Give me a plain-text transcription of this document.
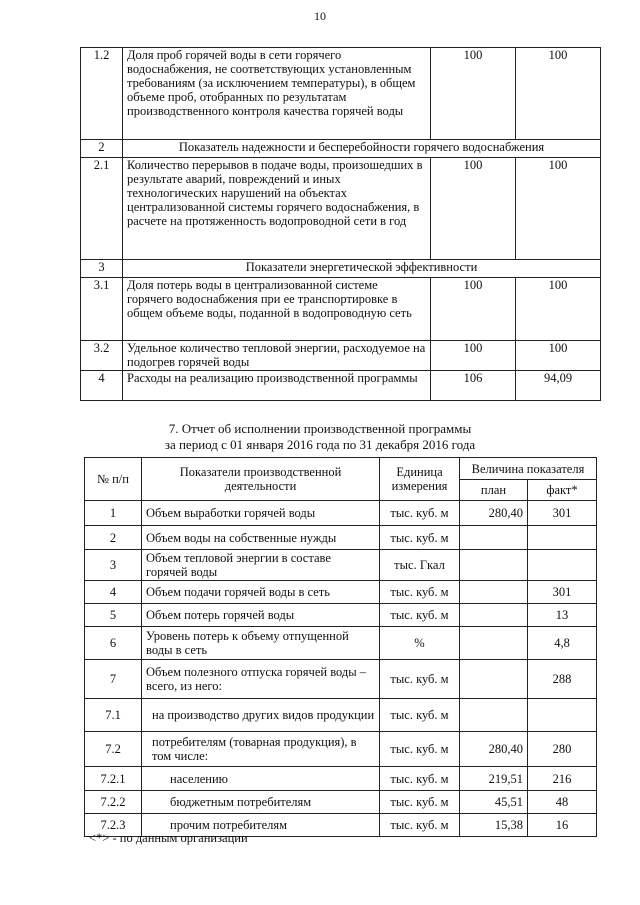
10
1.2	Доля проб горячей воды в сети горячего водоснабжения, не соответствующих установленным требованиям (за исключением температуры), в общем объеме проб, отобранных по результатам производственного контроля качества горячей воды	100	100
2	Показатель надежности и бесперебойности горячего водоснабжения		
2.1	Количество перерывов в подаче воды, произошедших в результате аварий, повреждений и иных технологических нарушений на объектах централизованной системы горячего водоснабжения, в расчете на протяженность водопроводной сети в год	100	100
3	Показатели энергетической эффективности		
3.1	Доля потерь воды в централизованной системе горячего водоснабжения при ее транспортировке в общем объеме воды, поданной в водопроводную сеть	100	100
3.2	Удельное количество тепловой энергии, расходуемое на подогрев горячей воды	100	100
4	Расходы на реализацию производственной программы	106	94,09
7. Отчет об исполнении производственной программы
за период с 01 января 2016 года по 31 декабря 2016 года
№ п/п	Показатели производственной деятельности	Единица измерения	Величина показателя	
			план	факт*
1	Объем выработки горячей воды	тыс. куб. м	280,40	301
2	Объем воды на собственные нужды	тыс. куб. м		
3	Объем тепловой энергии в составе горячей воды	тыс. Гкал		
4	Объем подачи горячей воды в сеть	тыс. куб. м		301
5	Объем потерь горячей воды	тыс. куб. м		13
6	Уровень потерь к объему отпущенной воды в сеть	%		4,8
7	Объем полезного отпуска горячей воды – всего, из него:	тыс. куб. м		288
7.1	на производство других видов продукции	тыс. куб. м		
7.2	потребителям (товарная продукция), в том числе:	тыс. куб. м	280,40	280
7.2.1	населению	тыс. куб. м	219,51	216
7.2.2	бюджетным потребителям	тыс. куб. м	45,51	48
7.2.3	прочим потребителям	тыс. куб. м	15,38	16
<*> - по данным организации
